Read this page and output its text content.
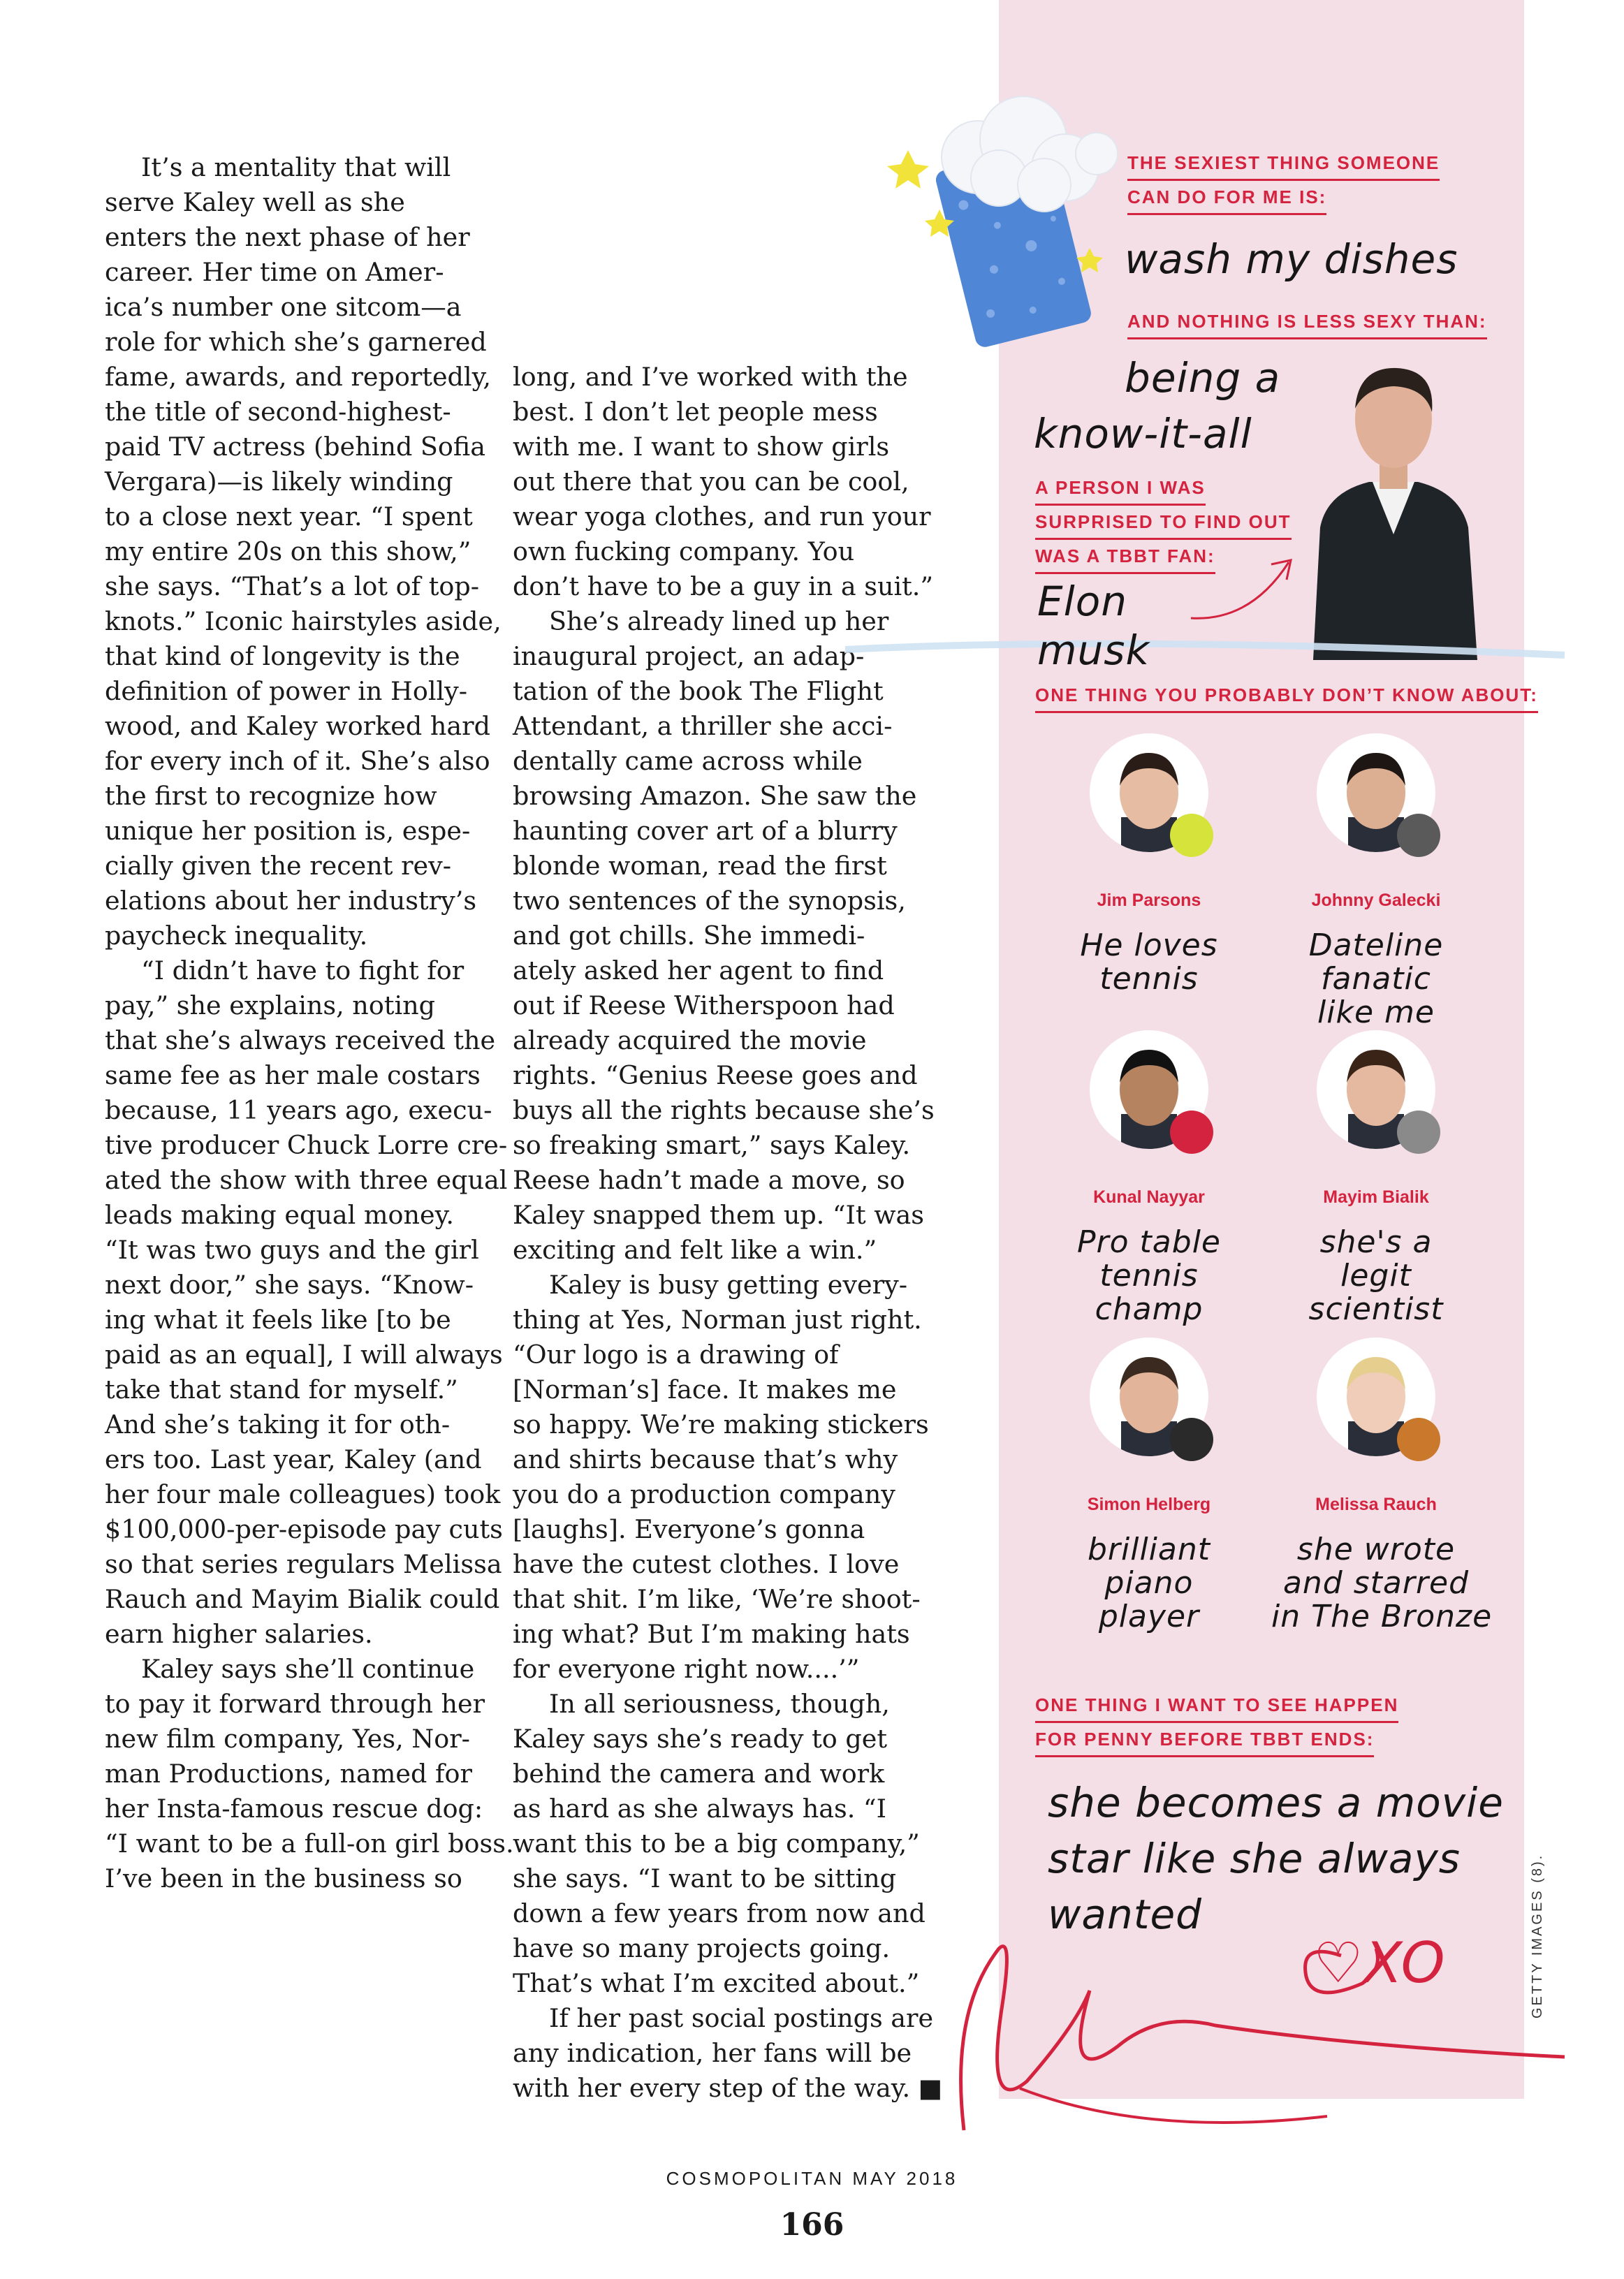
It’s a mentality that will

serve Kaley well as she

enters the next phase of her

career. Her time on Amer-

ica’s number one sitcom—a

role for which she’s garnered

fame, awards, and reportedly,

the title of second-highest-

paid TV actress (behind Sofia

Vergara)—is likely winding

to a close next year. “I spent

my entire 20s on this show,”

she says. “That’s a lot of top-

knots.” Iconic hairstyles aside,

that kind of longevity is the

definition of power in Holly-

wood, and Kaley worked hard

for every inch of it. She’s also

the first to recognize how

unique her position is, espe-

cially given the recent rev-

elations about her industry’s

paycheck inequality.

“I didn’t have to fight for

pay,” she explains, noting

that she’s always received the

same fee as her male costars

because, 11 years ago, execu-

tive producer Chuck Lorre cre-

ated the show with three equal

leads making equal money.

“It was two guys and the girl

next door,” she says. “Know-

ing what it feels like [to be

paid as an equal], I will always

take that stand for myself.”

And she’s taking it for oth-

ers too. Last year, Kaley (and

her four male colleagues) took

$100,000-per-episode pay cuts

so that series regulars Melissa

Rauch and Mayim Bialik could

earn higher salaries.

Kaley says she’ll continue

to pay it forward through her

new film company, Yes, Nor-

man Productions, named for

her Insta-famous rescue dog:

“I want to be a full-on girl boss.

I’ve been in the business so

long, and I’ve worked with the

best. I don’t let people mess

with me. I want to show girls

out there that you can be cool,

wear yoga clothes, and run your

own fucking company. You

don’t have to be a guy in a suit.”

She’s already lined up her

inaugural project, an adap-

tation of the book The Flight

Attendant, a thriller she acci-

dentally came across while

browsing Amazon. She saw the

haunting cover art of a blurry

blonde woman, read the first

two sentences of the synopsis,

and got chills. She immedi-

ately asked her agent to find

out if Reese Witherspoon had

already acquired the movie

rights. “Genius Reese goes and

buys all the rights because she’s

so freaking smart,” says Kaley.

Reese hadn’t made a move, so

Kaley snapped them up. “It was

exciting and felt like a win.”

Kaley is busy getting every-

thing at Yes, Norman just right.

“Our logo is a drawing of

[Norman’s] face. It makes me

so happy. We’re making stickers

and shirts because that’s why

you do a production company

[laughs]. Everyone’s gonna

have the cutest clothes. I love

that shit. I’m like, ‘We’re shoot-

ing what? But I’m making hats

for everyone right now....’”

In all seriousness, though,

Kaley says she’s ready to get

behind the camera and work

as hard as she always has. “I

want this to be a big company,”

she says. “I want to be sitting

down a few years from now and

have so many projects going.

That’s what I’m excited about.”

If her past social postings are

any indication, her fans will be

with her every step of the way. ■

THE SEXIEST THING SOMEONE
CAN DO FOR ME IS:
wash my dishes
AND NOTHING IS LESS SEXY THAN:
being a
know-it-all
A PERSON I WAS
SURPRISED TO FIND OUT
WAS A TBBT FAN:
Elon
musk
ONE THING YOU PROBABLY DON’T KNOW ABOUT:
Jim Parsons
He loves
tennis
Johnny Galecki
Dateline
fanatic
like me
Kunal Nayyar
Pro table
tennis
champ
Mayim Bialik
she's a
legit
scientist
Simon Helberg
brilliant
piano
player
Melissa Rauch
she wrote
and starred
in The Bronze
ONE THING I WANT TO SEE HAPPEN
FOR PENNY BEFORE TBBT ENDS:
she becomes a movie
star like she always
wanted
♡XO	GETTY IMAGES (8).
COSMOPOLITAN MAY 2018
166
